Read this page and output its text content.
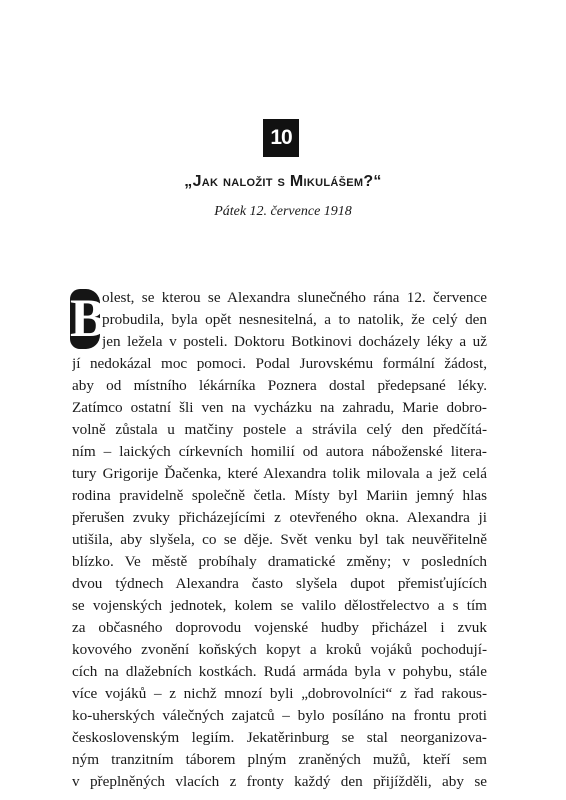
10
„Jak naložit s Mikulášem?“
Pátek 12. července 1918
B
olest, se kterou se Alexandra slunečného rána 12. července
probudila, byla opět nesnesitelná, a to natolik, že celý den
jen ležela v posteli. Doktoru Botkinovi docházely léky a už
jí nedokázal moc pomoci. Podal Jurovskému formální žádost,
aby od místního lékárníka Poznera dostal předepsané léky.
Zatímco ostatní šli ven na vycházku na zahradu, Marie dobro-
volně zůstala u matčiny postele a strávila celý den předčítá-
ním – laických církevních homilií od autora náboženské litera-
tury Grigorije Ďačenka, které Alexandra tolik milovala a jež celá
rodina pravidelně společně četla. Místy byl Mariin jemný hlas
přerušen zvuky přicházejícími z otevřeného okna. Alexandra ji
utišila, aby slyšela, co se děje. Svět venku byl tak neuvěřitelně
blízko. Ve městě probíhaly dramatické změny; v posledních
dvou týdnech Alexandra často slyšela dupot přemisťujících
se vojenských jednotek, kolem se valilo dělostřelectvo a s tím
za občasného doprovodu vojenské hudby přicházel i zvuk
kovového zvonění koňských kopyt a kroků vojáků pochodují-
cích na dlažebních kostkách. Rudá armáda byla v pohybu, stále
více vojáků – z nichž mnozí byli „dobrovolníci“ z řad rakous-
ko-uherských válečných zajatců – bylo posíláno na frontu proti
československým legiím. Jekatěrinburg se stal neorganizova-
ným tranzitním táborem plným zraněných mužů, kteří sem
v přeplněných vlacích z fronty každý den přijížděli, aby se
